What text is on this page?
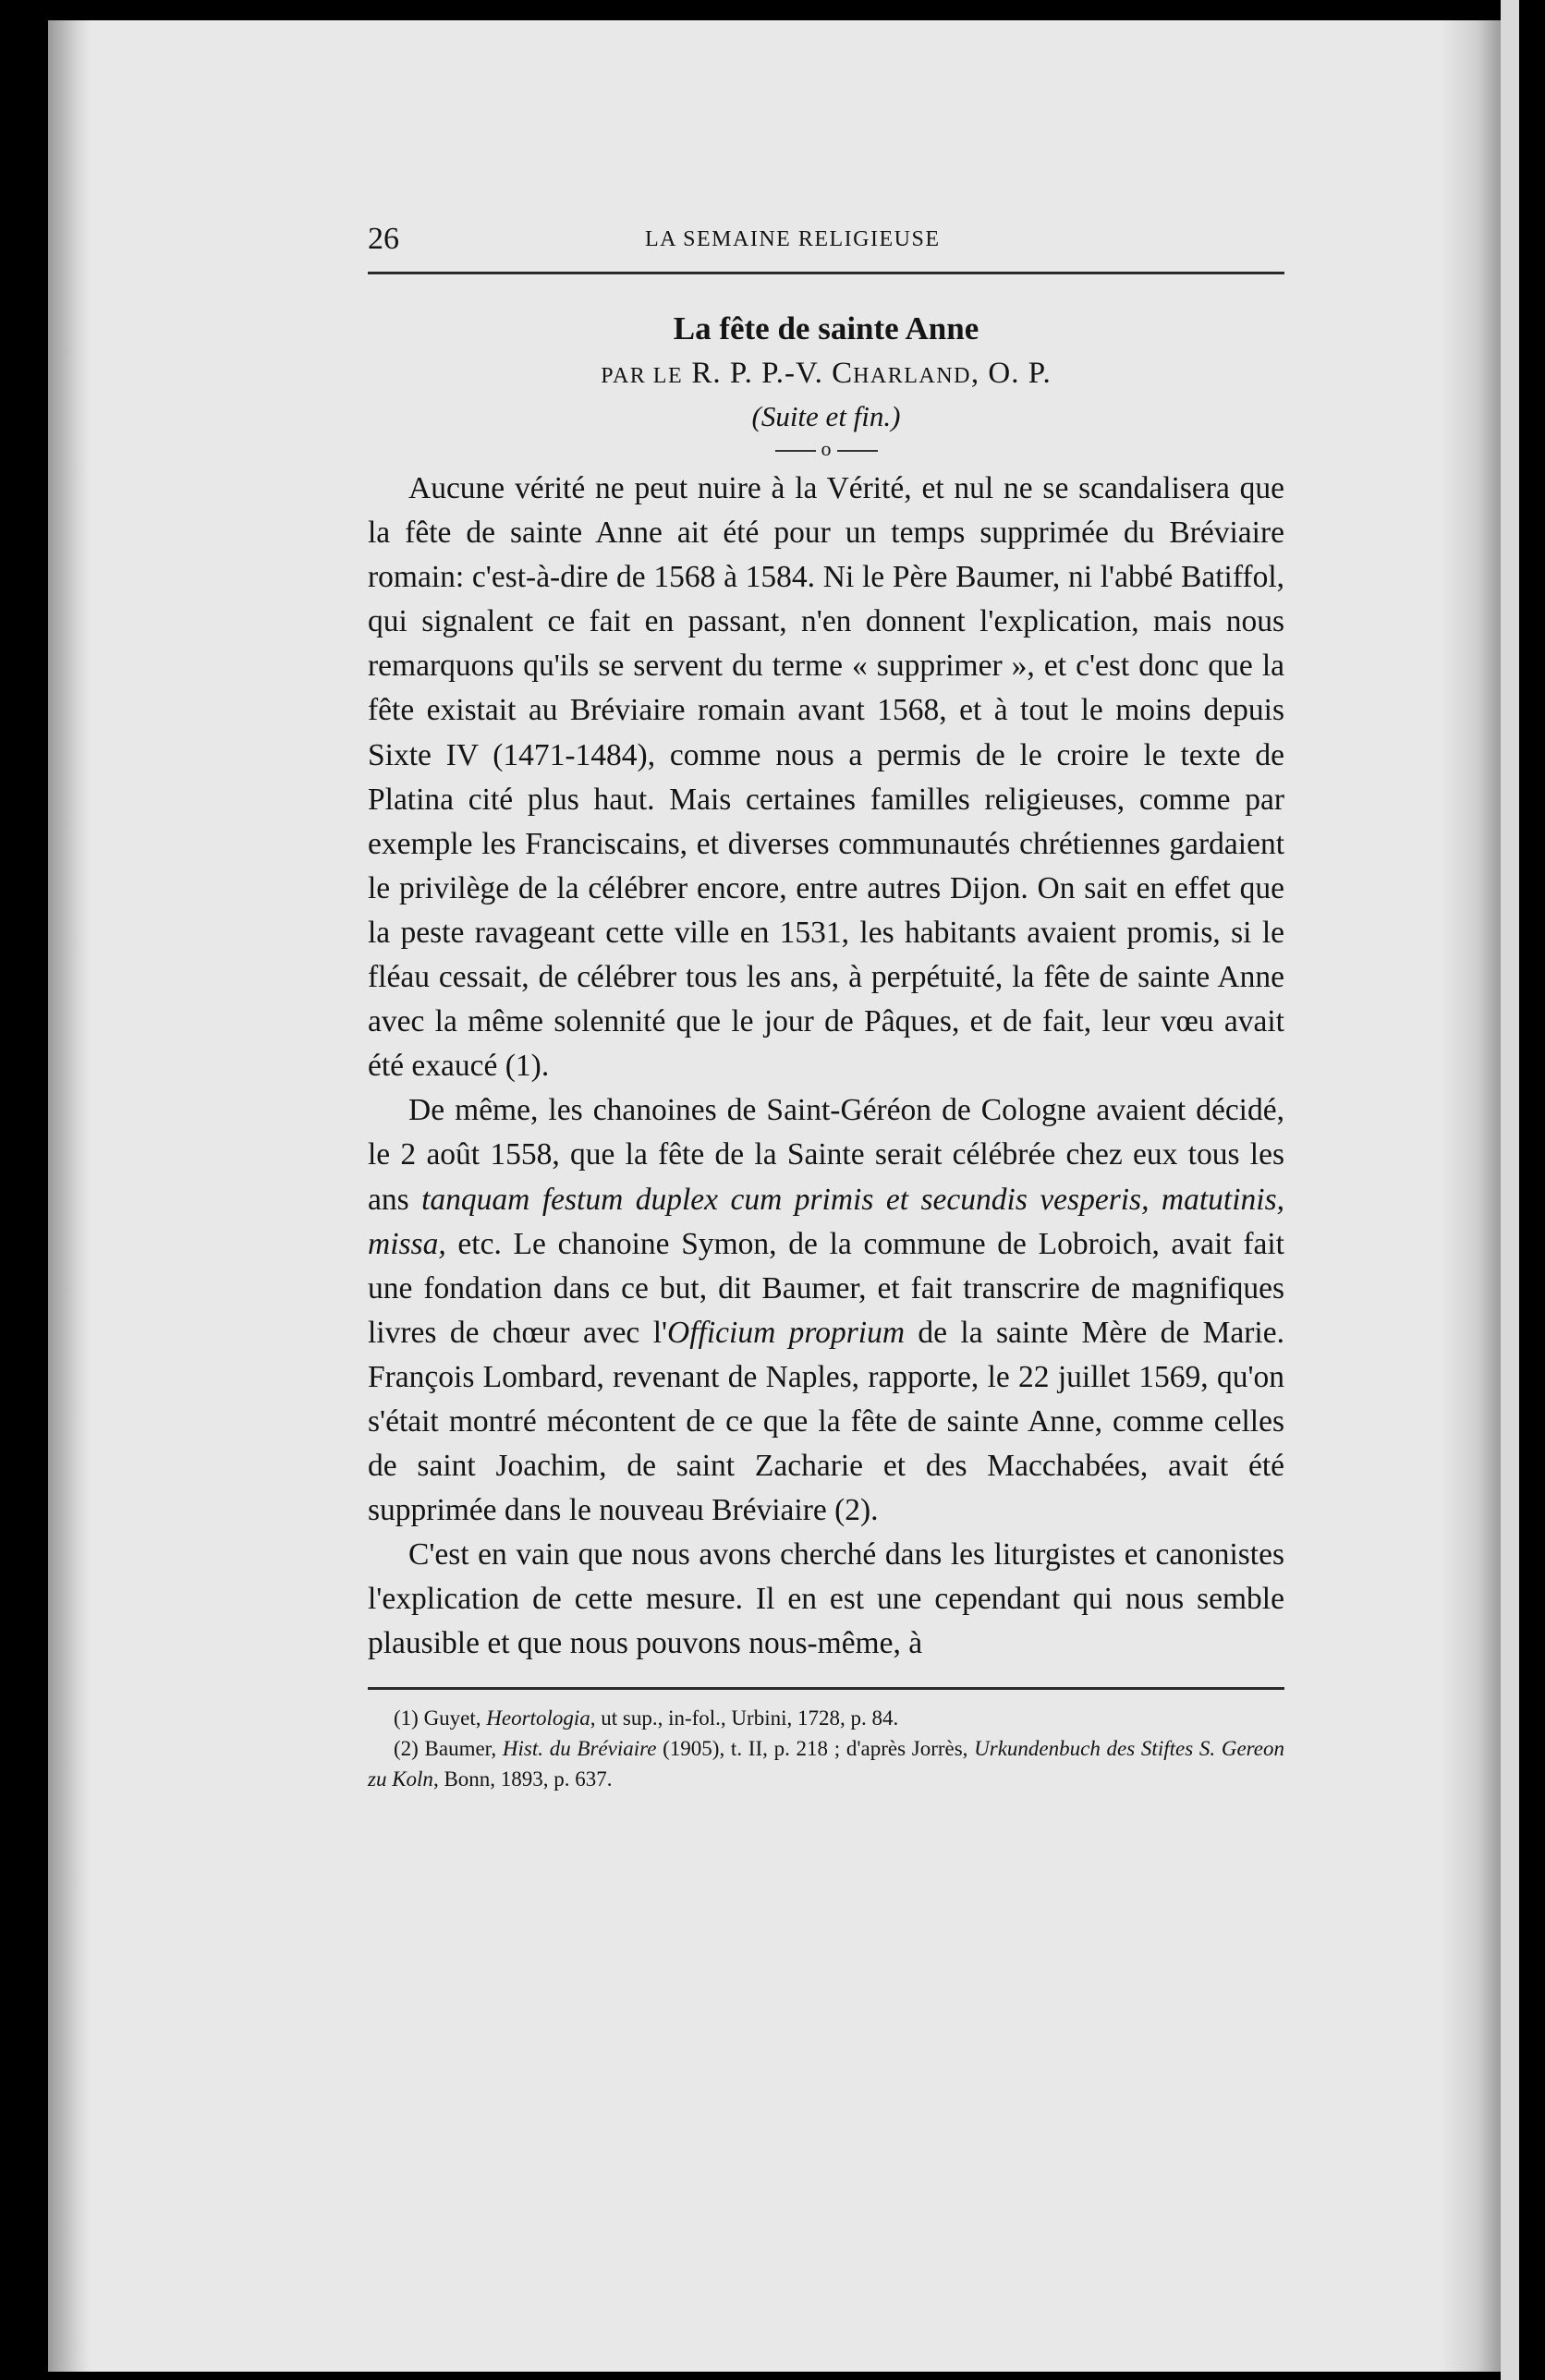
26	LA SEMAINE RELIGIEUSE
La fête de sainte Anne
PAR LE R. P. P.-V. CHARLAND, O. P.
(Suite et fin.)
o

Aucune vérité ne peut nuire à la Vérité, et nul ne se scandalisera que la fête de sainte Anne ait été pour un temps supprimée du Bréviaire romain: c'est-à-dire de 1568 à 1584. Ni le Père Baumer, ni l'abbé Batiffol, qui signalent ce fait en passant, n'en donnent l'explication, mais nous remarquons qu'ils se servent du terme « supprimer », et c'est donc que la fête existait au Bréviaire romain avant 1568, et à tout le moins depuis Sixte IV (1471-1484), comme nous a permis de le croire le texte de Platina cité plus haut. Mais certaines familles religieuses, comme par exemple les Franciscains, et diverses communautés chrétiennes gardaient le privilège de la célébrer encore, entre autres Dijon. On sait en effet que la peste ravageant cette ville en 1531, les habitants avaient promis, si le fléau cessait, de célébrer tous les ans, à perpétuité, la fête de sainte Anne avec la même solennité que le jour de Pâques, et de fait, leur vœu avait été exaucé (1).

De même, les chanoines de Saint-Géréon de Cologne avaient décidé, le 2 août 1558, que la fête de la Sainte serait célébrée chez eux tous les ans tanquam festum duplex cum primis et secundis vesperis, matutinis, missa, etc. Le chanoine Symon, de la commune de Lobroich, avait fait une fondation dans ce but, dit Baumer, et fait transcrire de magnifiques livres de chœur avec l'Officium proprium de la sainte Mère de Marie. François Lombard, revenant de Naples, rapporte, le 22 juillet 1569, qu'on s'était montré mécontent de ce que la fête de sainte Anne, comme celles de saint Joachim, de saint Zacharie et des Macchabées, avait été supprimée dans le nouveau Bréviaire (2).

C'est en vain que nous avons cherché dans les liturgistes et canonistes l'explication de cette mesure. Il en est une cependant qui nous semble plausible et que nous pouvons nous-même, à

(1) Guyet, Heortologia, ut sup., in-fol., Urbini, 1728, p. 84.

(2) Baumer, Hist. du Bréviaire (1905), t. II, p. 218 ; d'après Jorrès, Urkundenbuch des Stiftes S. Gereon zu Koln, Bonn, 1893, p. 637.
